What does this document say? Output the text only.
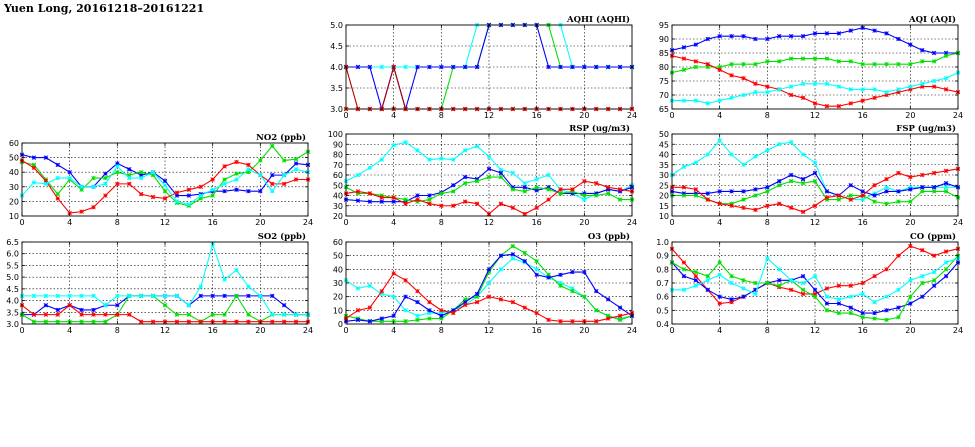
Yuen Long, 20161218–20161221
0	4	8	12	16	20	24
10
20
30
40
50
60
NO2 (ppb)
0	4	8	12	16	20	24
3.0
3.5
4.0
4.5
5.0
5.5
6.0
6.5
SO2 (ppb)
0	4	8	12	16	20	24
3.0
3.5
4.0
4.5
5.0
AQHI (AQHI)
0	4	8	12	16	20	24
20
30
40
50
60
70
80
90
100
RSP (ug/m3)
0	4	8	12	16	20	24
0
10
20
30
40
50
60
O3 (ppb)
0	4	8	12	16	20	24
65
70
75
80
85
90
95
AQI (AQI)
0	4	8	12	16	20	24
10
15
20
25
30
35
40
45
50
FSP (ug/m3)
0	4	8	12	16	20	24
0.4
0.5
0.6
0.7
0.8
0.9
1.0
CO (ppm)
